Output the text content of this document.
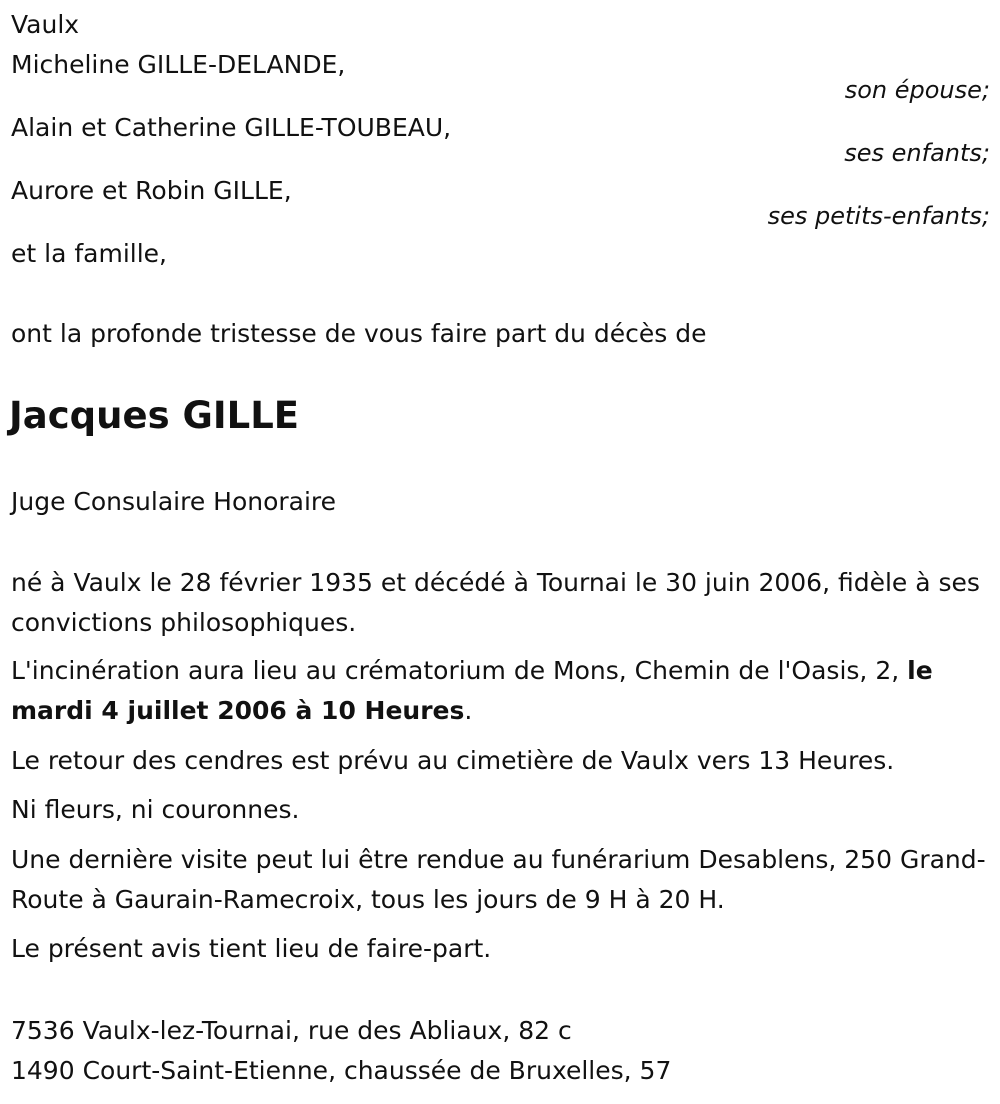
Vaulx
Micheline GILLE-DELANDE,
son épouse;
Alain et Catherine GILLE-TOUBEAU,
ses enfants;
Aurore et Robin GILLE,
ses petits-enfants;
et la famille,
ont la profonde tristesse de vous faire part du décès de
Jacques GILLE
Juge Consulaire Honoraire
né à Vaulx le 28 février 1935 et décédé à Tournai le 30 juin 2006, fidèle à ses convictions philosophiques.
L'incinération aura lieu au crématorium de Mons, Chemin de l'Oasis, 2, le mardi 4 juillet 2006 à 10 Heures.
Le retour des cendres est prévu au cimetière de Vaulx vers 13 Heures.
Ni fleurs, ni couronnes.
Une dernière visite peut lui être rendue au funérarium Desablens, 250 Grand-Route à Gaurain-Ramecroix, tous les jours de 9 H à 20 H.
Le présent avis tient lieu de faire-part.
7536 Vaulx-lez-Tournai, rue des Abliaux, 82 c
1490 Court-Saint-Etienne, chaussée de Bruxelles, 57
